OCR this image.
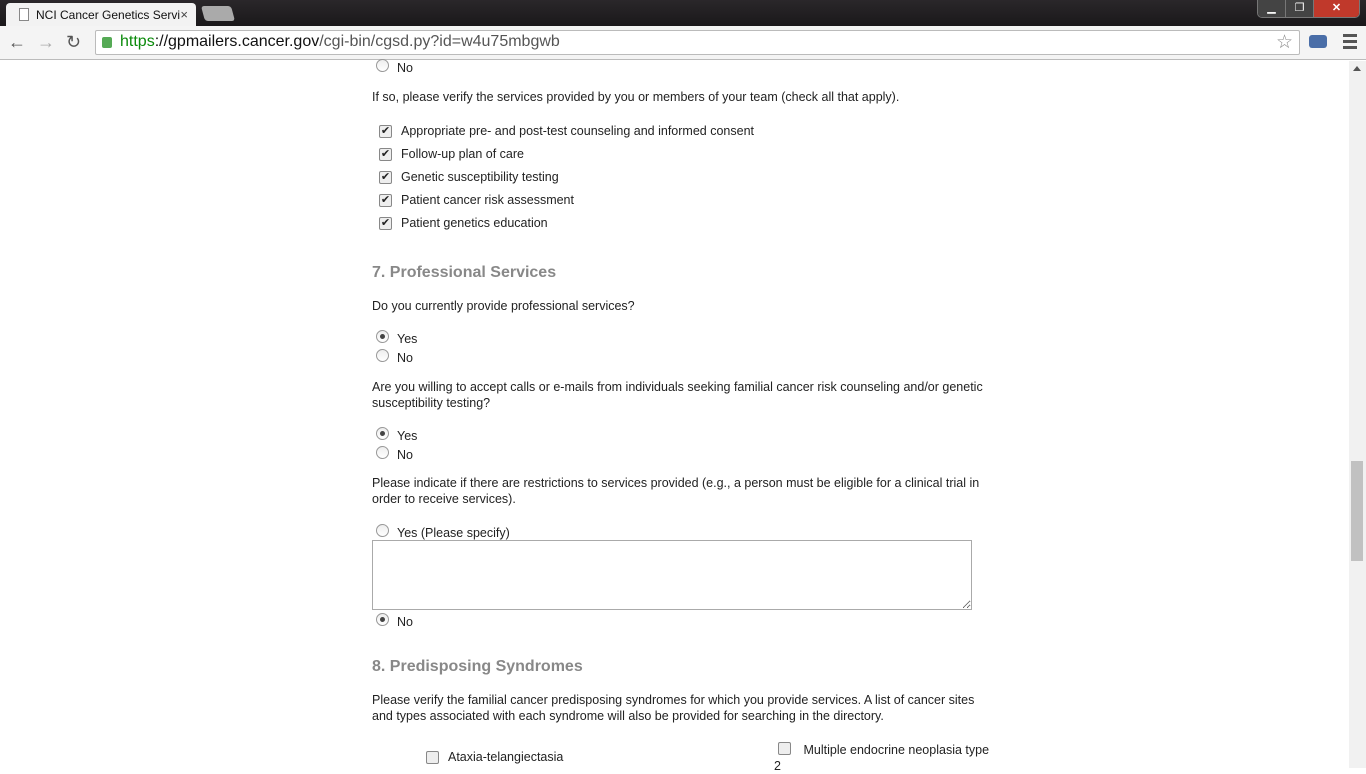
NCI Cancer Genetics Servi ×	▁	❐	✕
← → ↻	https://gpmailers.cancer.gov/cgi-bin/cgsd.py?id=w4u75mbgwb	☆
No
If so, please verify the services provided by you or members of your team (check all that apply).
✔ Appropriate pre- and post-test counseling and informed consent
✔ Follow-up plan of care
✔ Genetic susceptibility testing
✔ Patient cancer risk assessment
✔ Patient genetics education
7. Professional Services
Do you currently provide professional services?
Yes
No
Are you willing to accept calls or e-mails from individuals seeking familial cancer risk counseling and/or genetic susceptibility testing?
Yes
No
Please indicate if there are restrictions to services provided (e.g., a person must be eligible for a clinical trial in order to receive services).
Yes (Please specify)
No
8. Predisposing Syndromes
Please verify the familial cancer predisposing syndromes for which you provide services. A list of cancer sites and types associated with each syndrome will also be provided for searching in the directory.
Ataxia-telangiectasia	Multiple endocrine neoplasia type 2
